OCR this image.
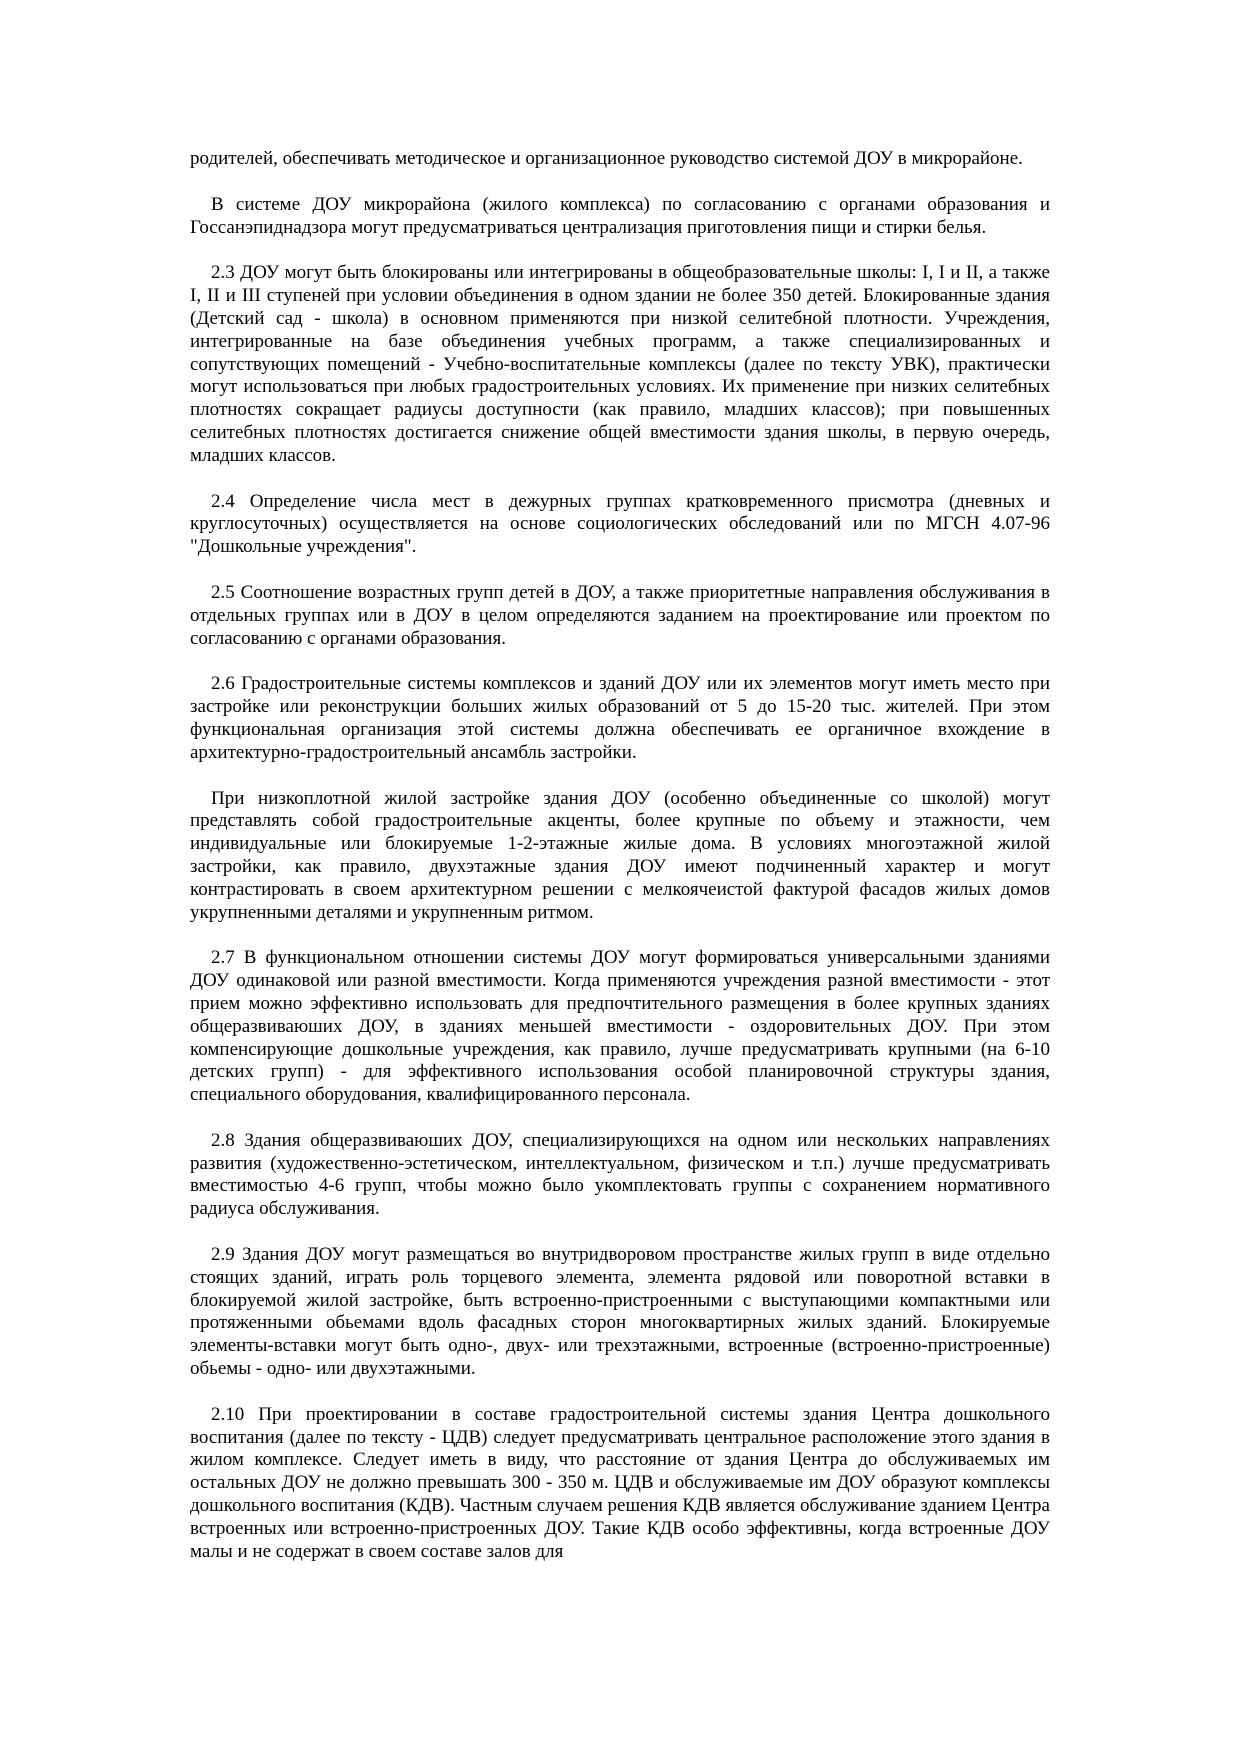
родителей, обеспечивать методическое и организационное руководство системой ДОУ в микрорайоне.

В системе ДОУ микрорайона (жилого комплекса) по согласованию с органами образования и Госсанэпиднадзора могут предусматриваться централизация приготовления пищи и стирки белья.

2.3 ДОУ могут быть блокированы или интегрированы в общеобразовательные школы: I, I и II, а также I, II и III ступеней при условии объединения в одном здании не более 350 детей. Блокированные здания (Детский сад - школа) в основном применяются при низкой селитебной плотности. Учреждения, интегрированные на базе объединения учебных программ, а также специализированных и сопутствующих помещений - Учебно-воспитательные комплексы (далее по тексту УВК), практически могут использоваться при любых градостроительных условиях. Их применение при низких селитебных плотностях сокращает радиусы доступности (как правило, младших классов); при повышенных селитебных плотностях достигается снижение общей вместимости здания школы, в первую очередь, младших классов.

2.4 Определение числа мест в дежурных группах кратковременного присмотра (дневных и круглосуточных) осуществляется на основе социологических обследований или по МГСН 4.07-96 "Дошкольные учреждения".

2.5 Соотношение возрастных групп детей в ДОУ, а также приоритетные направления обслуживания в отдельных группах или в ДОУ в целом определяются заданием на проектирование или проектом по согласованию с органами образования.

2.6 Градостроительные системы комплексов и зданий ДОУ или их элементов могут иметь место при застройке или реконструкции больших жилых образований от 5 до 15-20 тыс. жителей. При этом функциональная организация этой системы должна обеспечивать ее органичное вхождение в архитектурно-градостроительный ансамбль застройки.

При низкоплотной жилой застройке здания ДОУ (особенно объединенные со школой) могут представлять собой градостроительные акценты, более крупные по объему и этажности, чем индивидуальные или блокируемые 1-2-этажные жилые дома. В условиях многоэтажной жилой застройки, как правило, двухэтажные здания ДОУ имеют подчиненный характер и могут контрастировать в своем архитектурном решении с мелкоячеистой фактурой фасадов жилых домов укрупненными деталями и укрупненным ритмом.

2.7 В функциональном отношении системы ДОУ могут формироваться универсальными зданиями ДОУ одинаковой или разной вместимости. Когда применяются учреждения разной вместимости - этот прием можно эффективно использовать для предпочтительного размещения в более крупных зданиях общеразвиваюших ДОУ, в зданиях меньшей вместимости - оздоровительных ДОУ. При этом компенсирующие дошкольные учреждения, как правило, лучше предусматривать крупными (на 6-10 детских групп) - для эффективного использования особой планировочной структуры здания, специального оборудования, квалифицированного персонала.

2.8 Здания общеразвиваюших ДОУ, специализирующихся на одном или нескольких направлениях развития (художественно-эстетическом, интеллектуальном, физическом и т.п.) лучше предусматривать вместимостью 4-6 групп, чтобы можно было укомплектовать группы с сохранением нормативного радиуса обслуживания.

2.9 Здания ДОУ могут размещаться во внутридворовом пространстве жилых групп в виде отдельно стоящих зданий, играть роль торцевого элемента, элемента рядовой или поворотной вставки в блокируемой жилой застройке, быть встроенно-пристроенными с выступающими компактными или протяженными обьемами вдоль фасадных сторон многоквартирных жилых зданий. Блокируемые элементы-вставки могут быть одно-, двух- или трехэтажными, встроенные (встроенно-пристроенные) обьемы - одно- или двухэтажными.

2.10 При проектировании в составе градостроительной системы здания Центра дошкольного воспитания (далее по тексту - ЦДВ) следует предусматривать центральное расположение этого здания в жилом комплексе. Следует иметь в виду, что расстояние от здания Центра до обслуживаемых им остальных ДОУ не должно превышать 300 - 350 м. ЦДВ и обслуживаемые им ДОУ образуют комплексы дошкольного воспитания (КДВ). Частным случаем решения КДВ является обслуживание зданием Центра встроенных или встроенно-пристроенных ДОУ. Такие КДВ особо эффективны, когда встроенные ДОУ малы и не содержат в своем составе залов для
